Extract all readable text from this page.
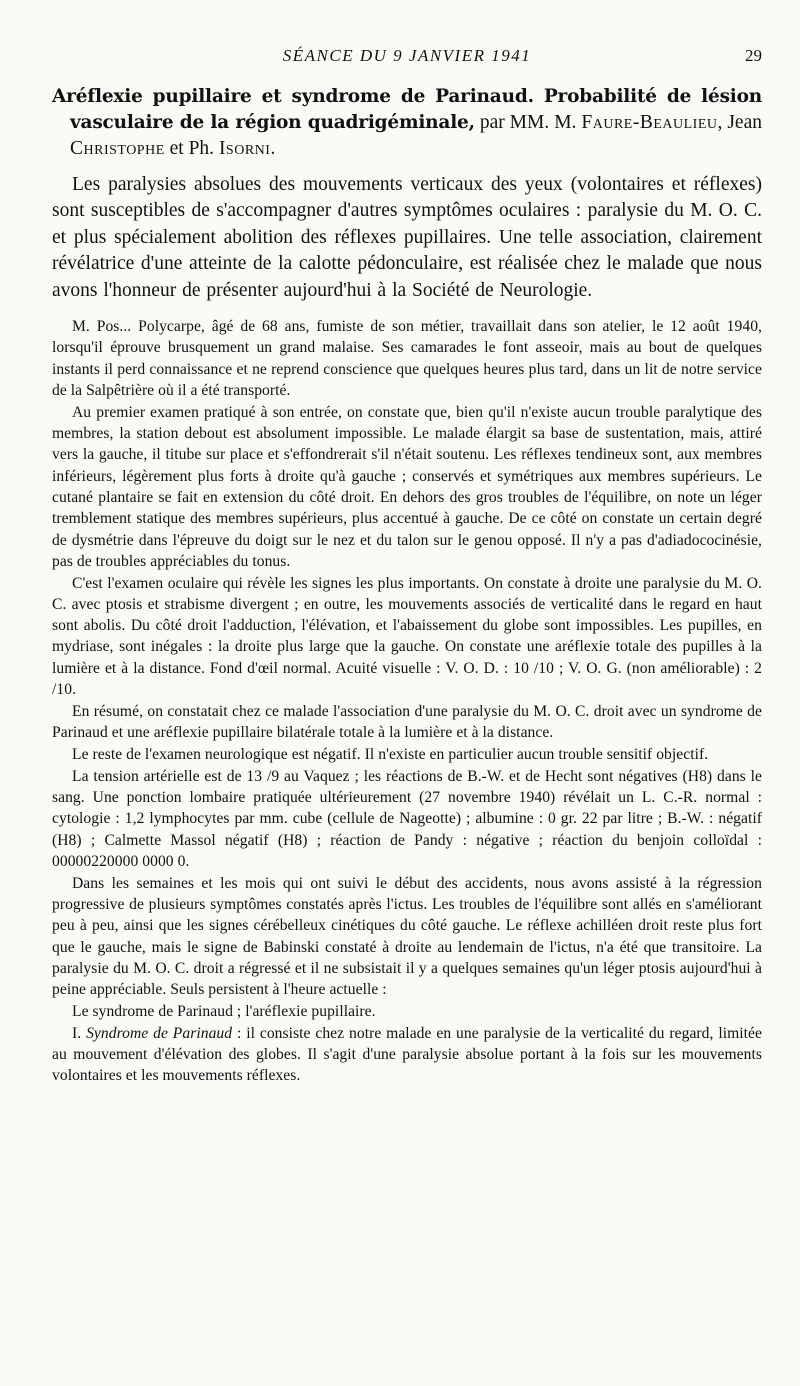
SÉANCE DU 9 JANVIER 1941	29

Aréflexie pupillaire et syndrome de Parinaud. Probabilité de lésion vasculaire de la région quadrigéminale, par MM. M. Faure-Beaulieu, Jean Christophe et Ph. Isorni.

Les paralysies absolues des mouvements verticaux des yeux (volontaires et réflexes) sont susceptibles de s'accompagner d'autres symptômes oculaires : paralysie du M. O. C. et plus spécialement abolition des réflexes pupillaires. Une telle association, clairement révélatrice d'une atteinte de la calotte pédonculaire, est réalisée chez le malade que nous avons l'honneur de présenter aujourd'hui à la Société de Neurologie.

M. Pos... Polycarpe, âgé de 68 ans, fumiste de son métier, travaillait dans son atelier, le 12 août 1940, lorsqu'il éprouve brusquement un grand malaise. Ses camarades le font asseoir, mais au bout de quelques instants il perd connaissance et ne reprend conscience que quelques heures plus tard, dans un lit de notre service de la Salpêtrière où il a été transporté.

Au premier examen pratiqué à son entrée, on constate que, bien qu'il n'existe aucun trouble paralytique des membres, la station debout est absolument impossible. Le malade élargit sa base de sustentation, mais, attiré vers la gauche, il titube sur place et s'effondrerait s'il n'était soutenu. Les réflexes tendineux sont, aux membres inférieurs, légèrement plus forts à droite qu'à gauche ; conservés et symétriques aux membres supérieurs. Le cutané plantaire se fait en extension du côté droit. En dehors des gros troubles de l'équilibre, on note un léger tremblement statique des membres supérieurs, plus accentué à gauche. De ce côté on constate un certain degré de dysmétrie dans l'épreuve du doigt sur le nez et du talon sur le genou opposé. Il n'y a pas d'adiadococinésie, pas de troubles appréciables du tonus.

C'est l'examen oculaire qui révèle les signes les plus importants. On constate à droite une paralysie du M. O. C. avec ptosis et strabisme divergent ; en outre, les mouvements associés de verticalité dans le regard en haut sont abolis. Du côté droit l'adduction, l'élévation, et l'abaissement du globe sont impossibles. Les pupilles, en mydriase, sont inégales : la droite plus large que la gauche. On constate une aréflexie totale des pupilles à la lumière et à la distance. Fond d'œil normal. Acuité visuelle : V. O. D. : 10 /10 ; V. O. G. (non améliorable) : 2 /10.

En résumé, on constatait chez ce malade l'association d'une paralysie du M. O. C. droit avec un syndrome de Parinaud et une aréflexie pupillaire bilatérale totale à la lumière et à la distance.

Le reste de l'examen neurologique est négatif. Il n'existe en particulier aucun trouble sensitif objectif.

La tension artérielle est de 13 /9 au Vaquez ; les réactions de B.-W. et de Hecht sont négatives (H8) dans le sang. Une ponction lombaire pratiquée ultérieurement (27 novembre 1940) révélait un L. C.-R. normal : cytologie : 1,2 lymphocytes par mm. cube (cellule de Nageotte) ; albumine : 0 gr. 22 par litre ; B.-W. : négatif (H8) ; Calmette Massol négatif (H8) ; réaction de Pandy : négative ; réaction du benjoin colloïdal : 00000220000 0000 0.

Dans les semaines et les mois qui ont suivi le début des accidents, nous avons assisté à la régression progressive de plusieurs symptômes constatés après l'ictus. Les troubles de l'équilibre sont allés en s'améliorant peu à peu, ainsi que les signes cérébelleux cinétiques du côté gauche. Le réflexe achilléen droit reste plus fort que le gauche, mais le signe de Babinski constaté à droite au lendemain de l'ictus, n'a été que transitoire. La paralysie du M. O. C. droit a régressé et il ne subsistait il y a quelques semaines qu'un léger ptosis aujourd'hui à peine appréciable. Seuls persistent à l'heure actuelle :

Le syndrome de Parinaud ; l'aréflexie pupillaire.

I. Syndrome de Parinaud : il consiste chez notre malade en une paralysie de la verticalité du regard, limitée au mouvement d'élévation des globes. Il s'agit d'une paralysie absolue portant à la fois sur les mouvements volontaires et les mouvements réflexes.
